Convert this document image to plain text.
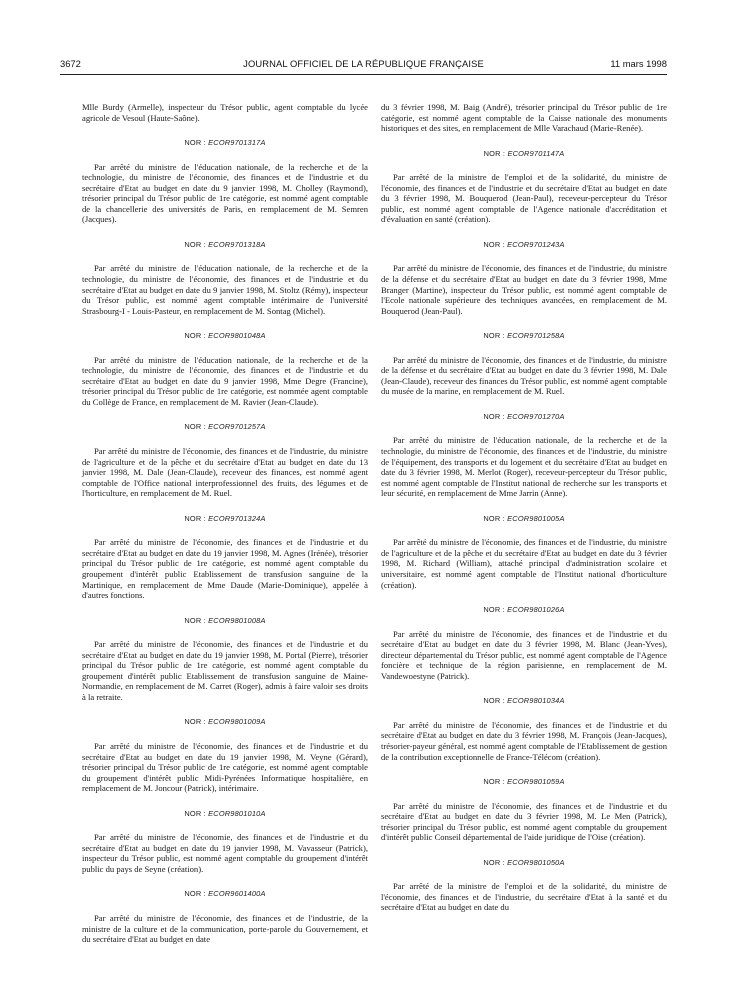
3672	JOURNAL OFFICIEL DE LA RÉPUBLIQUE FRANÇAISE	11 mars 1998

Mlle Burdy (Armelle), inspecteur du Trésor public, agent comptable du lycée agricole de Vesoul (Haute-Saône).

NOR : ECOR9701317A

Par arrêté du ministre de l'éducation nationale, de la recherche et de la technologie, du ministre de l'économie, des finances et de l'industrie et du secrétaire d'Etat au budget en date du 9 janvier 1998, M. Cholley (Raymond), trésorier principal du Trésor public de 1re catégorie, est nommé agent comptable de la chancellerie des universités de Paris, en remplacement de M. Semren (Jacques).

NOR : ECOR9701318A

Par arrêté du ministre de l'éducation nationale, de la recherche et de la technologie, du ministre de l'économie, des finances et de l'industrie et du secrétaire d'Etat au budget en date du 9 janvier 1998, M. Stoltz (Rémy), inspecteur du Trésor public, est nommé agent comptable intérimaire de l'université Strasbourg-I - Louis-Pasteur, en remplacement de M. Sontag (Michel).

NOR : ECOR9801048A

Par arrêté du ministre de l'éducation nationale, de la recherche et de la technologie, du ministre de l'économie, des finances et de l'industrie et du secrétaire d'Etat au budget en date du 9 janvier 1998, Mme Degre (Francine), trésorier principal du Trésor public de 1re catégorie, est nommée agent comptable du Collège de France, en remplacement de M. Ravier (Jean-Claude).

NOR : ECOR9701257A

Par arrêté du ministre de l'économie, des finances et de l'industrie, du ministre de l'agriculture et de la pêche et du secrétaire d'Etat au budget en date du 13 janvier 1998, M. Dale (Jean-Claude), receveur des finances, est nommé agent comptable de l'Office national interprofessionnel des fruits, des légumes et de l'horticulture, en remplacement de M. Ruel.

NOR : ECOR9701324A

Par arrêté du ministre de l'économie, des finances et de l'industrie et du secrétaire d'Etat au budget en date du 19 janvier 1998, M. Agnes (Irénée), trésorier principal du Trésor public de 1re catégorie, est nommé agent comptable du groupement d'intérêt public Etablissement de transfusion sanguine de la Martinique, en remplacement de Mme Daude (Marie-Dominique), appelée à d'autres fonctions.

NOR : ECOR9801008A

Par arrêté du ministre de l'économie, des finances et de l'industrie et du secrétaire d'Etat au budget en date du 19 janvier 1998, M. Portal (Pierre), trésorier principal du Trésor public de 1re catégorie, est nommé agent comptable du groupement d'intérêt public Etablissement de transfusion sanguine de Maine-Normandie, en remplacement de M. Carret (Roger), admis à faire valoir ses droits à la retraite.

NOR : ECOR9801009A

Par arrêté du ministre de l'économie, des finances et de l'industrie et du secrétaire d'Etat au budget en date du 19 janvier 1998, M. Veyne (Gérard), trésorier principal du Trésor public de 1re catégorie, est nommé agent comptable du groupement d'intérêt public Midi-Pyrénées Informatique hospitalière, en remplacement de M. Joncour (Patrick), intérimaire.

NOR : ECOR9801010A

Par arrêté du ministre de l'économie, des finances et de l'industrie et du secrétaire d'Etat au budget en date du 19 janvier 1998, M. Vavasseur (Patrick), inspecteur du Trésor public, est nommé agent comptable du groupement d'intérêt public du pays de Seyne (création).

NOR : ECOR9601400A

Par arrêté du ministre de l'économie, des finances et de l'industrie, de la ministre de la culture et de la communication, porte-parole du Gouvernement, et du secrétaire d'Etat au budget en date

du 3 février 1998, M. Baig (André), trésorier principal du Trésor public de 1re catégorie, est nommé agent comptable de la Caisse nationale des monuments historiques et des sites, en remplacement de Mlle Varachaud (Marie-Renée).

NOR : ECOR9701147A

Par arrêté de la ministre de l'emploi et de la solidarité, du ministre de l'économie, des finances et de l'industrie et du secrétaire d'Etat au budget en date du 3 février 1998, M. Bouquerod (Jean-Paul), receveur-percepteur du Trésor public, est nommé agent comptable de l'Agence nationale d'accréditation et d'évaluation en santé (création).

NOR : ECOR9701243A

Par arrêté du ministre de l'économie, des finances et de l'industrie, du ministre de la défense et du secrétaire d'Etat au budget en date du 3 février 1998, Mme Branger (Martine), inspecteur du Trésor public, est nommé agent comptable de l'Ecole nationale supérieure des techniques avancées, en remplacement de M. Bouquerod (Jean-Paul).

NOR : ECOR9701258A

Par arrêté du ministre de l'économie, des finances et de l'industrie, du ministre de la défense et du secrétaire d'Etat au budget en date du 3 février 1998, M. Dale (Jean-Claude), receveur des finances du Trésor public, est nommé agent comptable du musée de la marine, en remplacement de M. Ruel.

NOR : ECOR9701270A

Par arrêté du ministre de l'éducation nationale, de la recherche et de la technologie, du ministre de l'économie, des finances et de l'industrie, du ministre de l'équipement, des transports et du logement et du secrétaire d'Etat au budget en date du 3 février 1998, M. Merlot (Roger), receveur-percepteur du Trésor public, est nommé agent comptable de l'Institut national de recherche sur les transports et leur sécurité, en remplacement de Mme Jarrin (Anne).

NOR : ECOR9801005A

Par arrêté du ministre de l'économie, des finances et de l'industrie, du ministre de l'agriculture et de la pêche et du secrétaire d'Etat au budget en date du 3 février 1998, M. Richard (William), attaché principal d'administration scolaire et universitaire, est nommé agent comptable de l'Institut national d'horticulture (création).

NOR : ECOR9801026A

Par arrêté du ministre de l'économie, des finances et de l'industrie et du secrétaire d'Etat au budget en date du 3 février 1998, M. Blanc (Jean-Yves), directeur départemental du Trésor public, est nommé agent comptable de l'Agence foncière et technique de la région parisienne, en remplacement de M. Vandewoestyne (Patrick).

NOR : ECOR9801034A

Par arrêté du ministre de l'économie, des finances et de l'industrie et du secrétaire d'Etat au budget en date du 3 février 1998, M. François (Jean-Jacques), trésorier-payeur général, est nommé agent comptable de l'Etablissement de gestion de la contribution exceptionnelle de France-Télécom (création).

NOR : ECOR9801059A

Par arrêté du ministre de l'économie, des finances et de l'industrie et du secrétaire d'Etat au budget en date du 3 février 1998, M. Le Men (Patrick), trésorier principal du Trésor public, est nommé agent comptable du groupement d'intérêt public Conseil départemental de l'aide juridique de l'Oise (création).

NOR : ECOR9801050A

Par arrêté de la ministre de l'emploi et de la solidarité, du ministre de l'économie, des finances et de l'industrie, du secrétaire d'Etat à la santé et du secrétaire d'Etat au budget en date du
